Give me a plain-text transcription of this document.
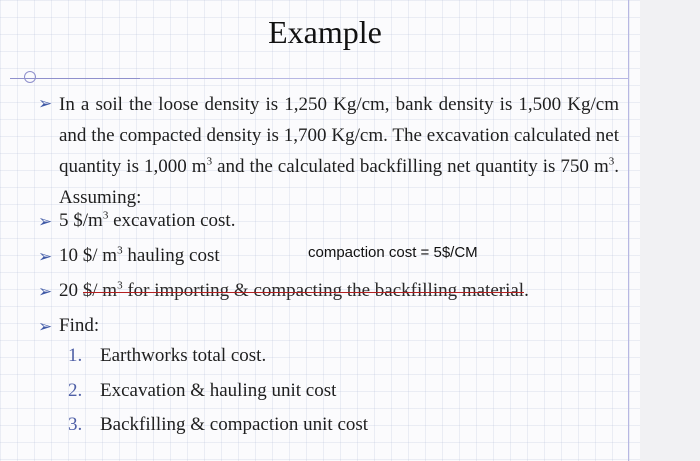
Example
➢ In a soil the loose density is 1,250 Kg/cm, bank density is 1,500 Kg/cm and the compacted density is 1,700 Kg/cm. The excavation calculated net quantity is 1,000 $m^3$ and the calculated backfilling net quantity is 750 $m^3$. Assuming:
➢ 5 $\$/m^3$ excavation cost.
➢ 10 $/ $m^3$ hauling cost	compaction cost = 5$/CM
➢ 20 $/ $m^3$ for importing & compacting the backfilling material.
➢ Find:
1. Earthworks total cost.
2. Excavation & hauling unit cost
3. Backfilling & compaction unit cost
